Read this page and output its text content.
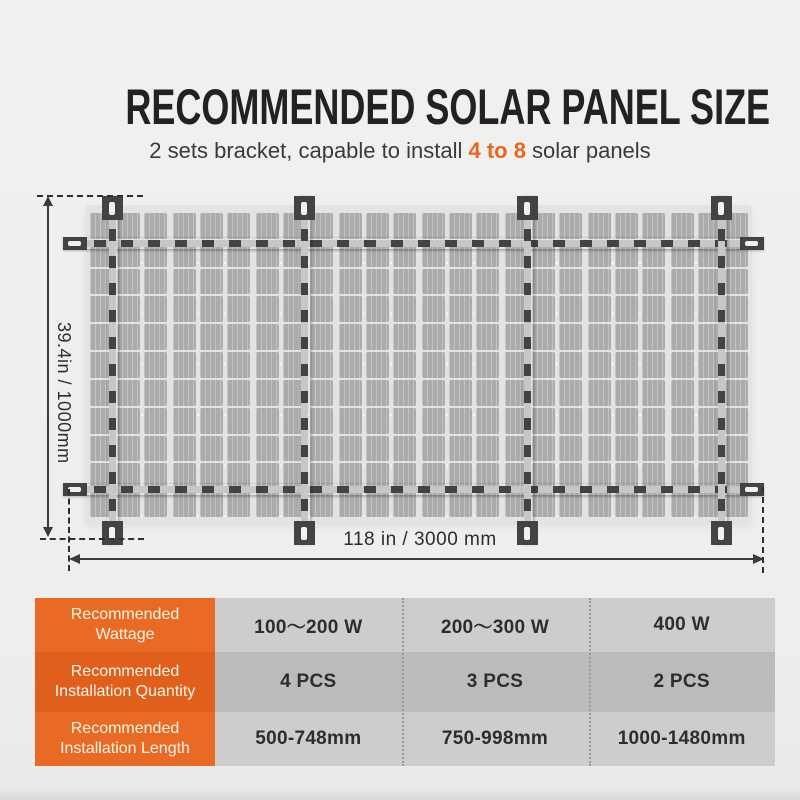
RECOMMENDED SOLAR PANEL SIZE
2 sets bracket, capable to install 4 to 8 solar panels
39.4in / 1000mm
118 in / 3000 mm
Recommended Wattage	100～200 W	200～300 W	400 W
Recommended Installation Quantity	4 PCS	3 PCS	2 PCS
Recommended Installation Length	500-748mm	750-998mm	1000-1480mm
